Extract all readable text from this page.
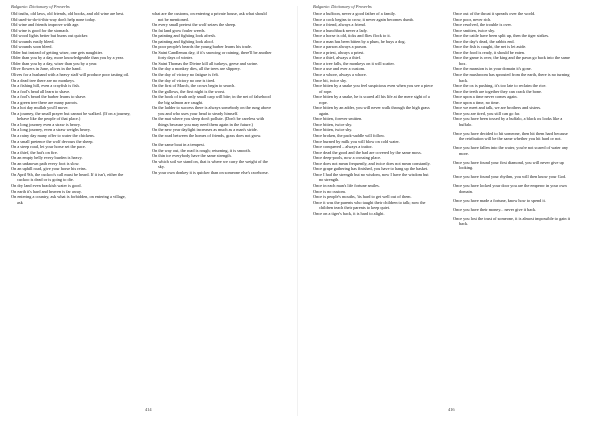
Bulgaria: Dictionary of Proverbs

Old truths, old laws, old friends, old books, and old wine are best.

Old used-to-do-it-this-way don't help none today.

Old wine and friends improve with age.

Old wine is good for the stomach.

Old wood lights better but burns out quicker.

Old wounds easily bleed.

Old wounds soon bleed.

Older but instead of getting wiser, one gets naughtier.

Older than you by a day, more knowledgeable than you by a year.

Older than you by a day, wiser than you by a year.

Olive flowers in June, olives in the hand.

Olives for a husband with a heavy staff will produce poor tasting oil.

On a dead tree there are no monkeys.

On a fishing hill, even a crayfish is fish.

On a fool's head all learn to shave.

On a fool's beard the barber learns to shave.

On a green tree there are many parrots.

On a hot day mullah you'll move.

On a journey, the small prayer but cannot be walked. (If on a journey, behave like the people of that place.)

On a long journey even a straw is heavy.

On a long journey, even a straw weighs heavy.

On a rainy day many offer to water the chickens.

On a small pretence the wolf devours the sheep.

On a steep road, let your horse set the pace.

On a thief, the hat's on fire.

On an empty belly every burden is heavy.

On an unknown path every foot is slow.

On an uphill road, give your horse his reins.

On April 9th, the cuckoo's call must be heard. If it isn't, either the cuckoo is dead or is going to die.

On dry land even brackish water is good.

On earth it's hard and heaven is far away.

On entering a country, ask what is forbidden, on entering a village, ask

what are the customs, on entering a private house, ask what should not be mentioned.

On every small pretext the wolf seizes the sheep.

On fat land grow fouler weeds.

On painting and fighting look afresh.

On painting and fighting look aloof.

On poor people's beards the young barber learns his trade.

On Saint Candlemas day, if it's snowing or raining, there'll be another forty days of winter.

On Saint Thomas the Divine kill all turkeys, geese and swine.

On the day a monkey dies, all the trees are slippery.

On the day of victory no fatigue is felt.

On the day of victory no one is tired.

On the first of March, the crows begin to search.

On the gallows, the first night is the worst.

On the hook of truth only small carp will bite; in the net of falsehood the big salmon are caught.

On the ladder to success there is always somebody on the rung above you and who uses your head to steady himself.

On the mat where you sleep don't pollute. (Don't be careless with things because you may need them again in the future.)

On the new year daylight increases as much as a man's stride.

On the road between the homes of friends, grass does not grow.

On the same boat in a tempest.

On the way out, the road is rough; returning, it is smooth.

On thin ice everybody have the same strength.

On which soil we stand on, that is where we carry the weight of the sky.

On your own donkey it is quicker than on someone else's racehorse.

414
Bulgaria: Dictionary of Proverbs

Once a buffoon, never a good father of a family.

Once a cock begins to crow, it never again becomes dumb.

Once a friend, always a friend.

Once a hunchback never a lady.

Once a horse is old, ticks and flies flock to it.

Once a man has been bitten by a plum, he buys a dog.

Once a parson always a parson.

Once a priest, always a priest.

Once a thief, always a thief.

Once a tree falls, the monkeys on it will scatter.

Once a use and ever a custom.

Once a whore, always a whore.

Once bit, twice shy.

Once bitten by a snake you feel suspicious even when you see a piece of rope.

Once bitten by a snake, he is scared all his life at the mere sight of a rope.

Once bitten by an adder, you will never walk through the high grass again.

Once bitten, forever smitten.

Once bitten, twice shy.

Once bitten, twice shy.

Once broken, the pack-saddle will follow.

Once burned by milk you will blow on cold water.

Once conquered – always a traitor.

Once dead the good and the bad are covered by the same moss.

Once deep-pools, now a crossing place.

Once does not mean frequently, and twice does not mean constantly.

Once grape gathering has finished, you have to hang up the basket.

Once I had the strength but no wisdom, now I have the wisdom but no strength.

Once in each man's life fortune smiles.

Once is no custom.

Once is people's mouths, 'tis hard to get well out of them.

Once it was the parents who taught their children to talk; now the children teach their parents to keep quiet.

Once on a tiger's back, it is hard to alight.

Once out of the throat it spreads over the world.

Once poor, never rich.

Once resolved, the trouble is over.

Once smitten, twice shy.

Once the cattle have been split up, then the tiger strikes.

Once the day's dead, the rabbis end.

Once the fish is caught, the net is let aside.

Once the food is ready, it should be eaten.

Once the game is over, the king and the pawn go back into the same box.

Once the mansion is in your domain it's gone.

Once the mushroom has sprouted from the earth, there is no turning back.

Once the ox is pushing, it's too late to reclaim the rice.

Once the teeth are together they can crack the bone.

Once upon a time never comes again.

Once upon a time, no time.

Once we meet and talk, we are brothers and sisters.

Once you are tired, you still can go far.

Once you have been tossed by a buffalo, a black ox looks like a buffalo.

Once you have decided to hit someone, then hit them hard because the retribution will be the same whether you hit hard or not.

Once you have fallen into the water, you're not scared of water any more.

Once you have found your first diamond, you will never give up looking.

Once you have found your rhythm, you will then know your God.

Once you have locked your door you are the emperor in your own domain.

Once you have made a fortune, know how to spend it.

Once you have their money... never give it back.

Once you lost the trust of someone, it is almost impossible to gain it back.

416
